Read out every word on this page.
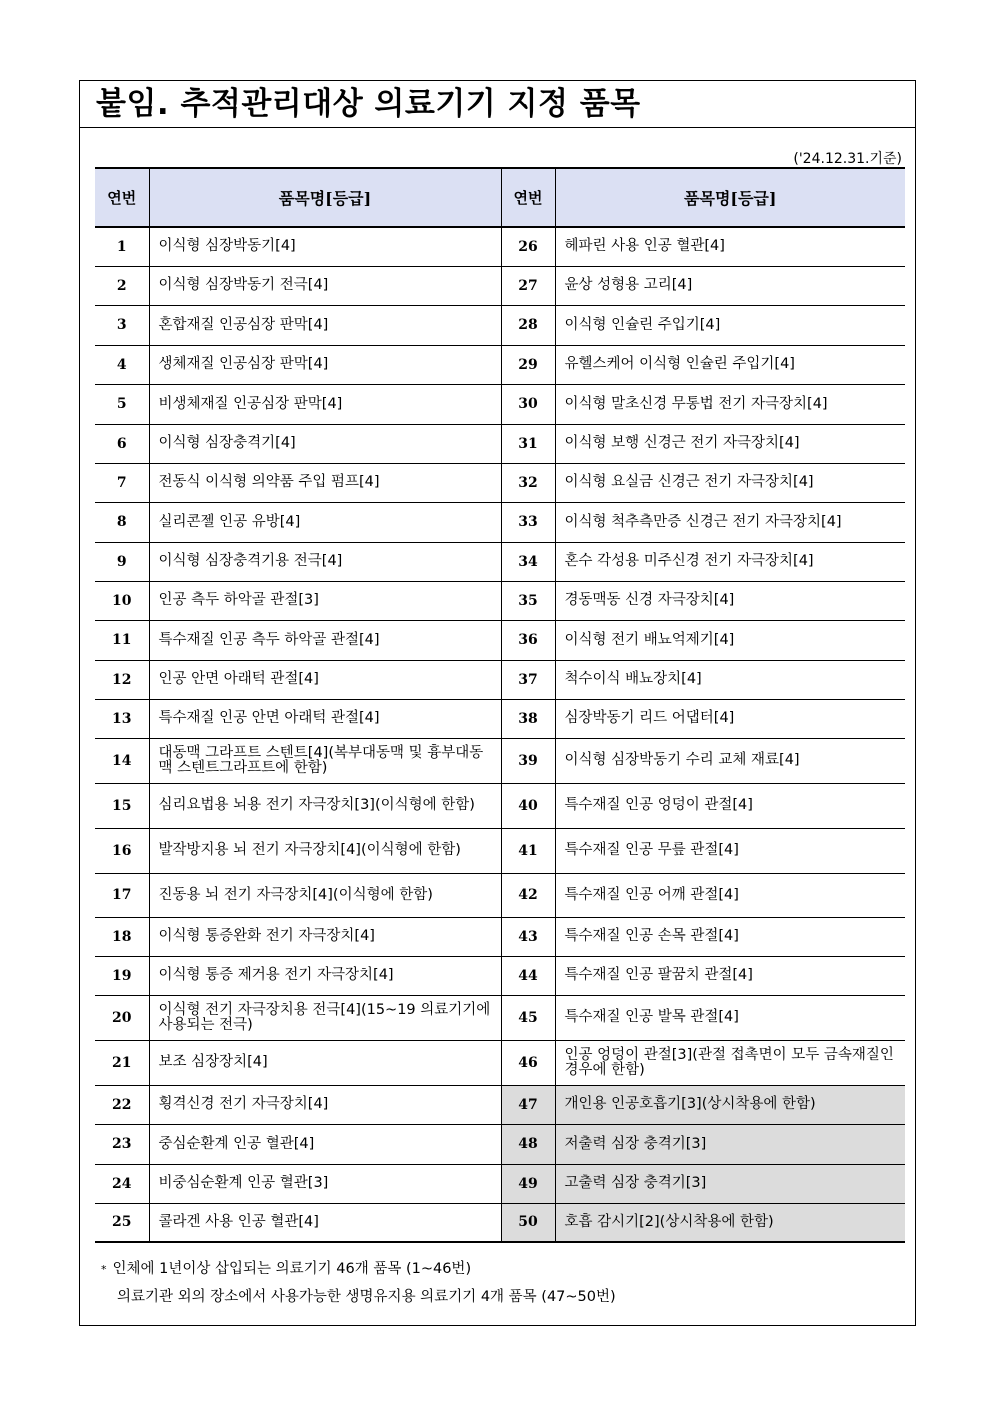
붙임. 추적관리대상 의료기기 지정 품목
('24.12.31.기준)
연번	품목명[등급]	연번	품목명[등급]
1	이식형 심장박동기[4]	26	헤파린 사용 인공 혈관[4]
2	이식형 심장박동기 전극[4]	27	윤상 성형용 고리[4]
3	혼합재질 인공심장 판막[4]	28	이식형 인슐린 주입기[4]
4	생체재질 인공심장 판막[4]	29	유헬스케어 이식형 인슐린 주입기[4]
5	비생체재질 인공심장 판막[4]	30	이식형 말초신경 무통법 전기 자극장치[4]
6	이식형 심장충격기[4]	31	이식형 보행 신경근 전기 자극장치[4]
7	전동식 이식형 의약품 주입 펌프[4]	32	이식형 요실금 신경근 전기 자극장치[4]
8	실리콘젤 인공 유방[4]	33	이식형 척추측만증 신경근 전기 자극장치[4]
9	이식형 심장충격기용 전극[4]	34	혼수 각성용 미주신경 전기 자극장치[4]
10	인공 측두 하악골 관절[3]	35	경동맥동 신경 자극장치[4]
11	특수재질 인공 측두 하악골 관절[4]	36	이식형 전기 배뇨억제기[4]
12	인공 안면 아래턱 관절[4]	37	척수이식 배뇨장치[4]
13	특수재질 인공 안면 아래턱 관절[4]	38	심장박동기 리드 어댑터[4]
14	대동맥 그라프트 스텐트[4](복부대동맥 및 흉부대동맥 스텐트그라프트에 한함)	39	이식형 심장박동기 수리 교체 재료[4]
15	심리요법용 뇌용 전기 자극장치[3](이식형에 한함)	40	특수재질 인공 엉덩이 관절[4]
16	발작방지용 뇌 전기 자극장치[4](이식형에 한함)	41	특수재질 인공 무릎 관절[4]
17	진동용 뇌 전기 자극장치[4](이식형에 한함)	42	특수재질 인공 어깨 관절[4]
18	이식형 통증완화 전기 자극장치[4]	43	특수재질 인공 손목 관절[4]
19	이식형 통증 제거용 전기 자극장치[4]	44	특수재질 인공 팔꿈치 관절[4]
20	이식형 전기 자극장치용 전극[4](15~19 의료기기에 사용되는 전극)	45	특수재질 인공 발목 관절[4]
21	보조 심장장치[4]	46	인공 엉덩이 관절[3](관절 접촉면이 모두 금속재질인 경우에 한함)
22	횡격신경 전기 자극장치[4]	47	개인용 인공호흡기[3](상시착용에 한함)
23	중심순환계 인공 혈관[4]	48	저출력 심장 충격기[3]
24	비중심순환계 인공 혈관[3]	49	고출력 심장 충격기[3]
25	콜라겐 사용 인공 혈관[4]	50	호흡 감시기[2](상시착용에 한함)
* 인체에 1년이상 삽입되는 의료기기 46개 품목 (1~46번)
의료기관 외의 장소에서 사용가능한 생명유지용 의료기기 4개 품목 (47~50번)
